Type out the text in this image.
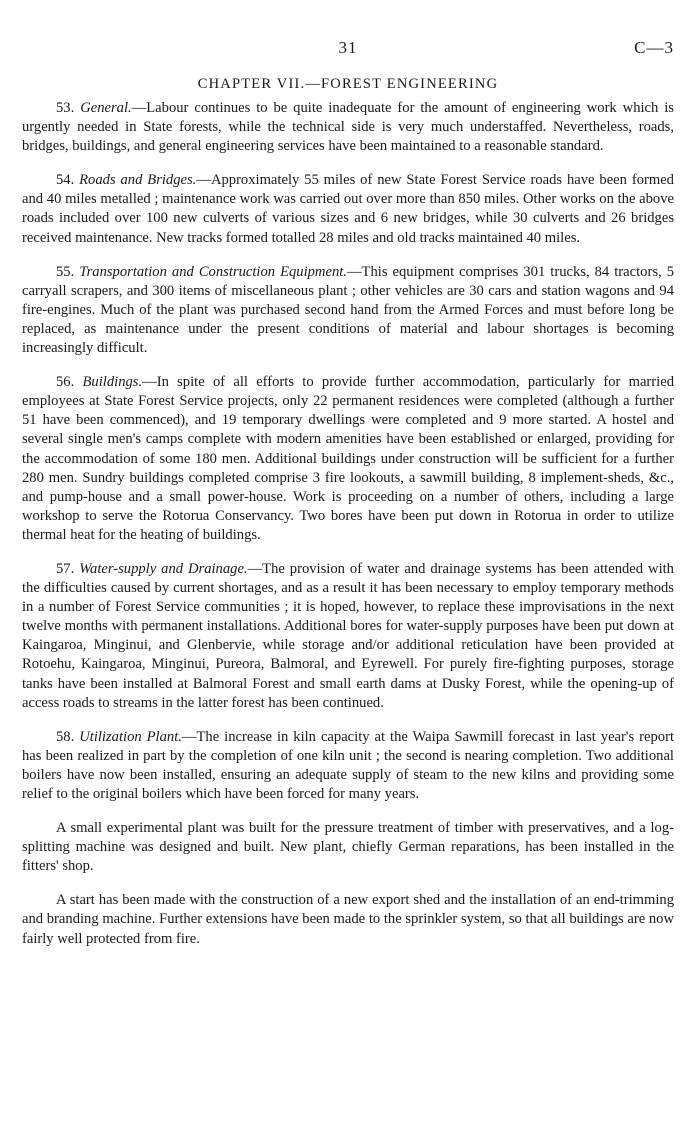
31	C—3
CHAPTER VII.—FOREST ENGINEERING

53. General.—Labour continues to be quite inadequate for the amount of engineering work which is urgently needed in State forests, while the technical side is very much understaffed. Nevertheless, roads, bridges, buildings, and general engineering services have been maintained to a reasonable standard.

54. Roads and Bridges.—Approximately 55 miles of new State Forest Service roads have been formed and 40 miles metalled ; maintenance work was carried out over more than 850 miles. Other works on the above roads included over 100 new culverts of various sizes and 6 new bridges, while 30 culverts and 26 bridges received maintenance. New tracks formed totalled 28 miles and old tracks maintained 40 miles.

55. Transportation and Construction Equipment.—This equipment comprises 301 trucks, 84 tractors, 5 carryall scrapers, and 300 items of miscellaneous plant ; other vehicles are 30 cars and station wagons and 94 fire-engines. Much of the plant was purchased second hand from the Armed Forces and must before long be replaced, as maintenance under the present conditions of material and labour shortages is becoming increasingly difficult.

56. Buildings.—In spite of all efforts to provide further accommodation, particularly for married employees at State Forest Service projects, only 22 permanent residences were completed (although a further 51 have been commenced), and 19 temporary dwellings were completed and 9 more started. A hostel and several single men's camps complete with modern amenities have been established or enlarged, providing for the accommodation of some 180 men. Additional buildings under construction will be sufficient for a further 280 men. Sundry buildings completed comprise 3 fire lookouts, a sawmill building, 8 implement-sheds, &c., and pump-house and a small power-house. Work is proceeding on a number of others, including a large workshop to serve the Rotorua Conservancy. Two bores have been put down in Rotorua in order to utilize thermal heat for the heating of buildings.

57. Water-supply and Drainage.—The provision of water and drainage systems has been attended with the difficulties caused by current shortages, and as a result it has been necessary to employ temporary methods in a number of Forest Service communities ; it is hoped, however, to replace these improvisations in the next twelve months with permanent installations. Additional bores for water-supply purposes have been put down at Kaingaroa, Minginui, and Glenbervie, while storage and/or additional reticulation have been provided at Rotoehu, Kaingaroa, Minginui, Pureora, Balmoral, and Eyrewell. For purely fire-fighting purposes, storage tanks have been installed at Balmoral Forest and small earth dams at Dusky Forest, while the opening-up of access roads to streams in the latter forest has been continued.

58. Utilization Plant.—The increase in kiln capacity at the Waipa Sawmill forecast in last year's report has been realized in part by the completion of one kiln unit ; the second is nearing completion. Two additional boilers have now been installed, ensuring an adequate supply of steam to the new kilns and providing some relief to the original boilers which have been forced for many years.

A small experimental plant was built for the pressure treatment of timber with preservatives, and a log-splitting machine was designed and built. New plant, chiefly German reparations, has been installed in the fitters' shop.

A start has been made with the construction of a new export shed and the installation of an end-trimming and branding machine. Further extensions have been made to the sprinkler system, so that all buildings are now fairly well protected from fire.
